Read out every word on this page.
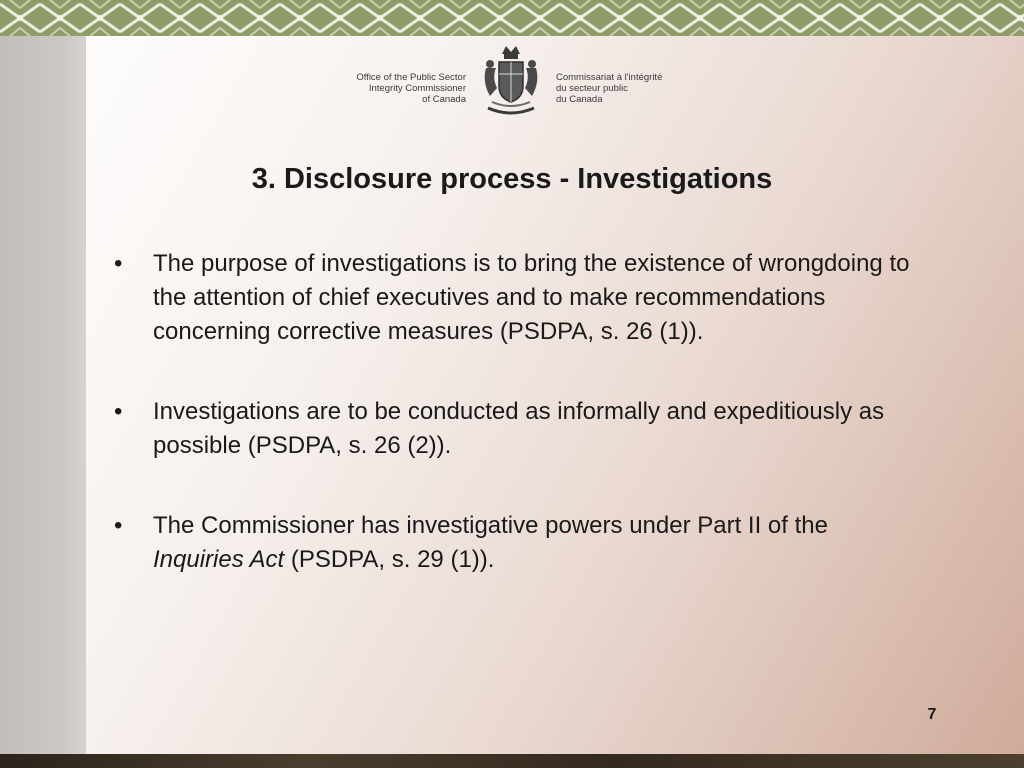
Office of the Public Sector
Integrity Commissioner
of Canada
Commissariat à l'intégrité
du secteur public
du Canada
3. Disclosure process - Investigations
• The purpose of investigations is to bring the existence of wrongdoing to the attention of chief executives and to make recommendations concerning corrective measures (PSDPA, s. 26 (1)).
• Investigations are to be conducted as informally and expeditiously as possible (PSDPA, s. 26 (2)).
• The Commissioner has investigative powers under Part II of the Inquiries Act (PSDPA, s. 29 (1)).
7
